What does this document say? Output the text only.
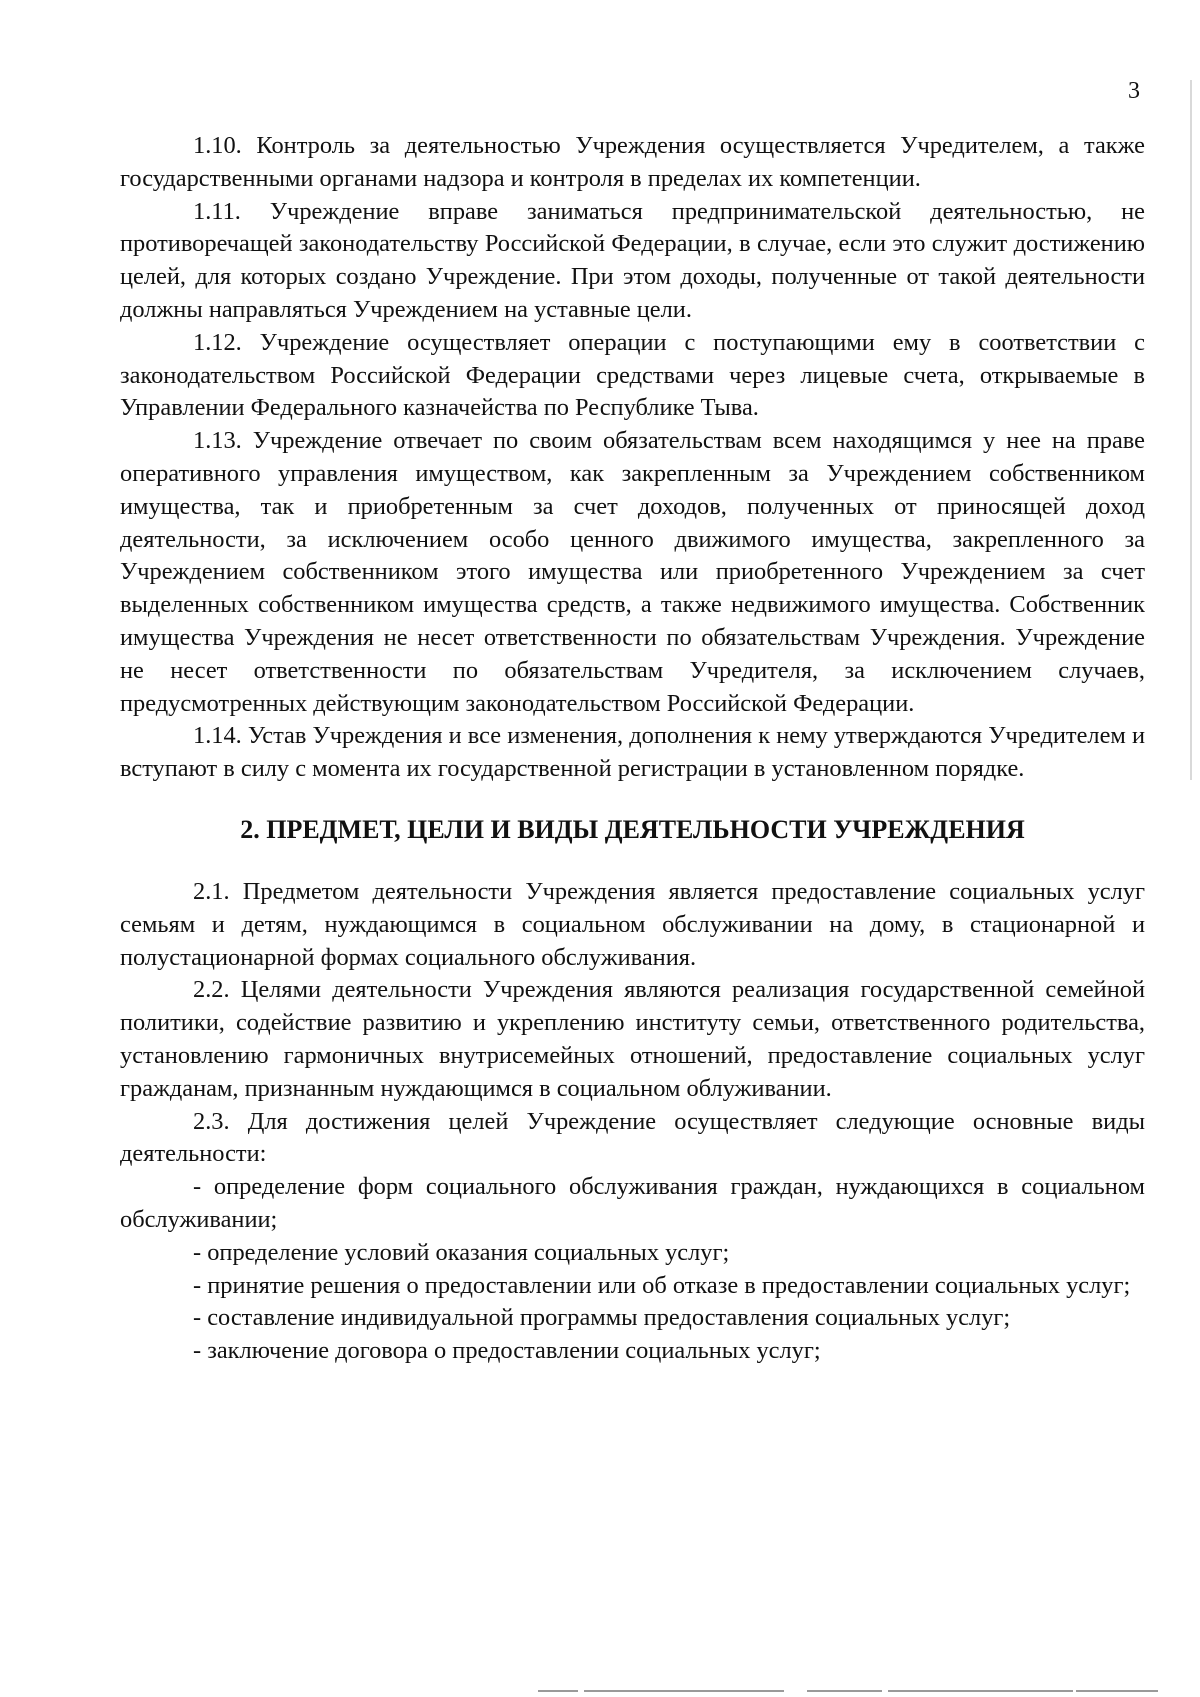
3

1.10. Контроль за деятельностью Учреждения осуществляется Учредителем, а также государственными органами надзора и контроля в пределах их компетенции.

1.11. Учреждение вправе заниматься предпринимательской деятельностью, не противоречащей законодательству Российской Федерации, в случае, если это служит достижению целей, для которых создано Учреждение. При этом доходы, полученные от такой деятельности должны направляться Учреждением на уставные цели.

1.12. Учреждение осуществляет операции с поступающими ему в соответствии с законодательством Российской Федерации средствами через лицевые счета, открываемые в Управлении Федерального казначейства по Республике Тыва.

1.13. Учреждение отвечает по своим обязательствам всем находящимся у нее на праве оперативного управления имуществом, как закрепленным за Учреждением собственником имущества, так и приобретенным за счет доходов, полученных от приносящей доход деятельности, за исключением особо ценного движимого имущества, закрепленного за Учреждением собственником этого имущества или приобретенного Учреждением за счет выделенных собственником имущества средств, а также недвижимого имущества. Собственник имущества Учреждения не несет ответственности по обязательствам Учреждения. Учреждение не несет ответственности по обязательствам Учредителя, за исключением случаев, предусмотренных действующим законодательством Российской Федерации.

1.14. Устав Учреждения и все изменения, дополнения к нему утверждаются Учредителем и вступают в силу с момента их государственной регистрации в установленном порядке.

2. ПРЕДМЕТ, ЦЕЛИ И ВИДЫ ДЕЯТЕЛЬНОСТИ УЧРЕЖДЕНИЯ

2.1. Предметом деятельности Учреждения является предоставление социальных услуг семьям и детям, нуждающимся в социальном обслуживании на дому, в стационарной и полустационарной формах социального обслуживания.

2.2. Целями деятельности Учреждения являются реализация государственной семейной политики, содействие развитию и укреплению институту семьи, ответственного родительства, установлению гармоничных внутрисемейных отношений, предоставление социальных услуг гражданам, признанным нуждающимся в социальном облуживании.

2.3. Для достижения целей Учреждение осуществляет следующие основные виды деятельности:

- определение форм социального обслуживания граждан, нуждающихся в социальном обслуживании;

- определение условий оказания социальных услуг;

- принятие решения о предоставлении или об отказе в предоставлении социальных услуг;

- составление индивидуальной программы предоставления социальных услуг;

- заключение договора о предоставлении социальных услуг;
